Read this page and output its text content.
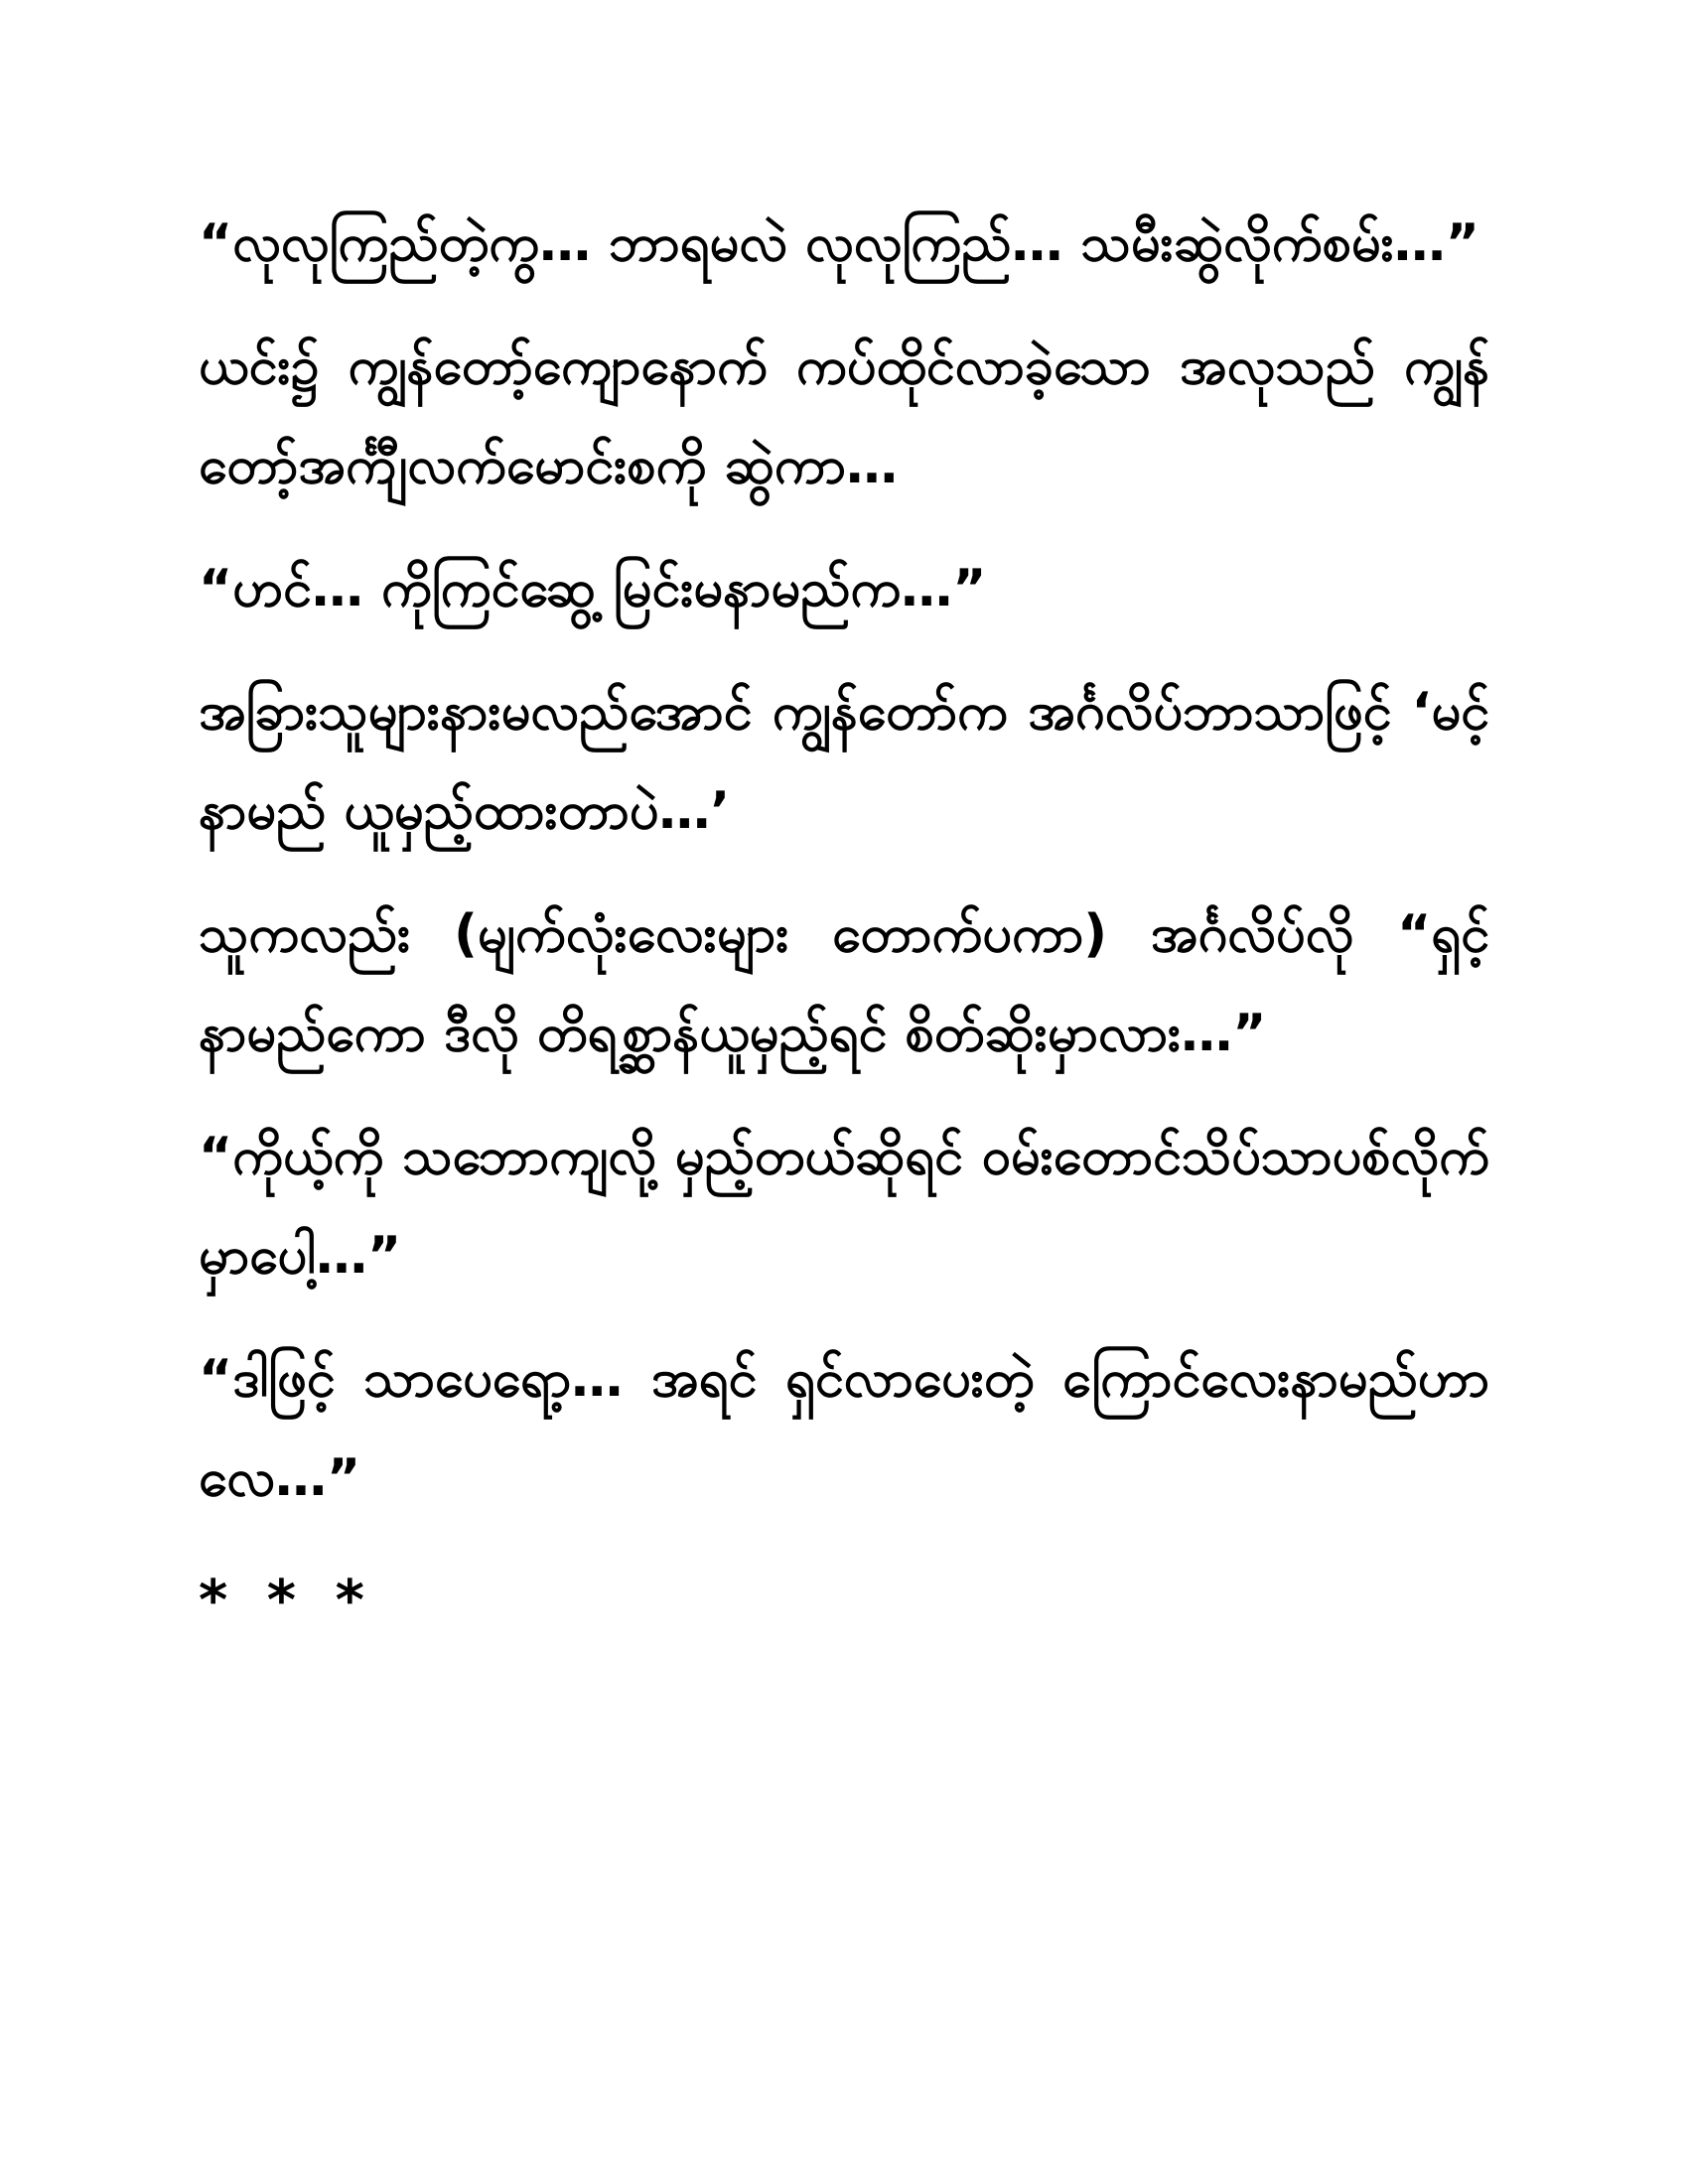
“လုလုကြည်တဲ့ကွ… ဘာရမလဲ လုလုကြည်… သမီးဆွဲလိုက်စမ်း…”

ယင်း၌ ကျွန်တော့်ကျောနောက် ကပ်ထိုင်လာခဲ့သော အလုသည် ကျွန်တော့်အင်္ကျီလက်မောင်းစကို ဆွဲကာ…

“ဟင်… ကိုကြင်ဆွေ့ မြင်းမနာမည်က…”

အခြားသူများနားမလည်အောင် ကျွန်တော်က အင်္ဂလိပ်ဘာသာဖြင့် ‘မင့်နာမည် ယူမှည့်ထားတာပဲ…’

သူကလည်း (မျက်လုံးလေးများ တောက်ပကာ) အင်္ဂလိပ်လို “ရှင့်နာမည်ကော ဒီလို တိရစ္ဆာန်ယူမှည့်ရင် စိတ်ဆိုးမှာလား…”

“ကိုယ့်ကို သဘောကျလို့ မှည့်တယ်ဆိုရင် ဝမ်းတောင်သိပ်သာပစ်လိုက်မှာပေါ့…”

“ဒါဖြင့် သာပေရော့… အရင် ရှင်လာပေးတဲ့ ကြောင်လေးနာမည်ဟာလေ…”

* * *
